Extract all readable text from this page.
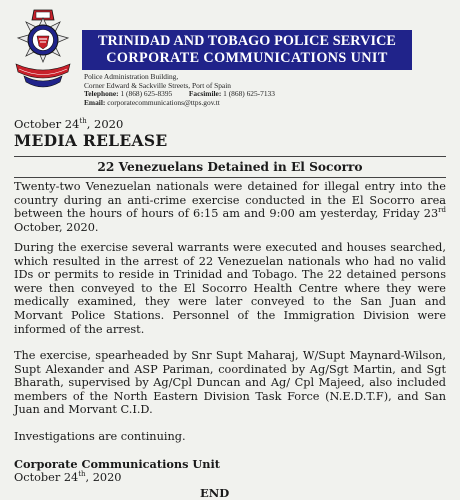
TRINIDAD AND TOBAGO POLICE SERVICE
CORPORATE COMMUNICATIONS UNIT
Police Administration Building,
Corner Edward & Sackville Streets, Port of Spain
Telephone: 1 (868) 625-8395 Facsimile: 1 (868) 625-7133
Email: corporatecommunications@ttps.gov.tt
October 24th, 2020
MEDIA RELEASE
22 Venezuelans Detained in El Socorro
Twenty-two Venezuelan nationals were detained for illegal entry into the country during an anti-crime exercise conducted in the El Socorro area between the hours of hours of 6:15 am and 9:00 am yesterday, Friday 23rd October, 2020.
During the exercise several warrants were executed and houses searched, which resulted in the arrest of 22 Venezuelan nationals who had no valid IDs or permits to reside in Trinidad and Tobago. The 22 detained persons were then conveyed to the El Socorro Health Centre where they were medically examined, they were later conveyed to the San Juan and Morvant Police Stations. Personnel of the Immigration Division were informed of the arrest.
The exercise, spearheaded by Snr Supt Maharaj, W/Supt Maynard-Wilson, Supt Alexander and ASP Pariman, coordinated by Ag/Sgt Martin, and Sgt Bharath, supervised by Ag/Cpl Duncan and Ag/ Cpl Majeed, also included members of the North Eastern Division Task Force (N.E.D.T.F), and San Juan and Morvant C.I.D.
Investigations are continuing.
Corporate Communications Unit
October 24th, 2020
END
